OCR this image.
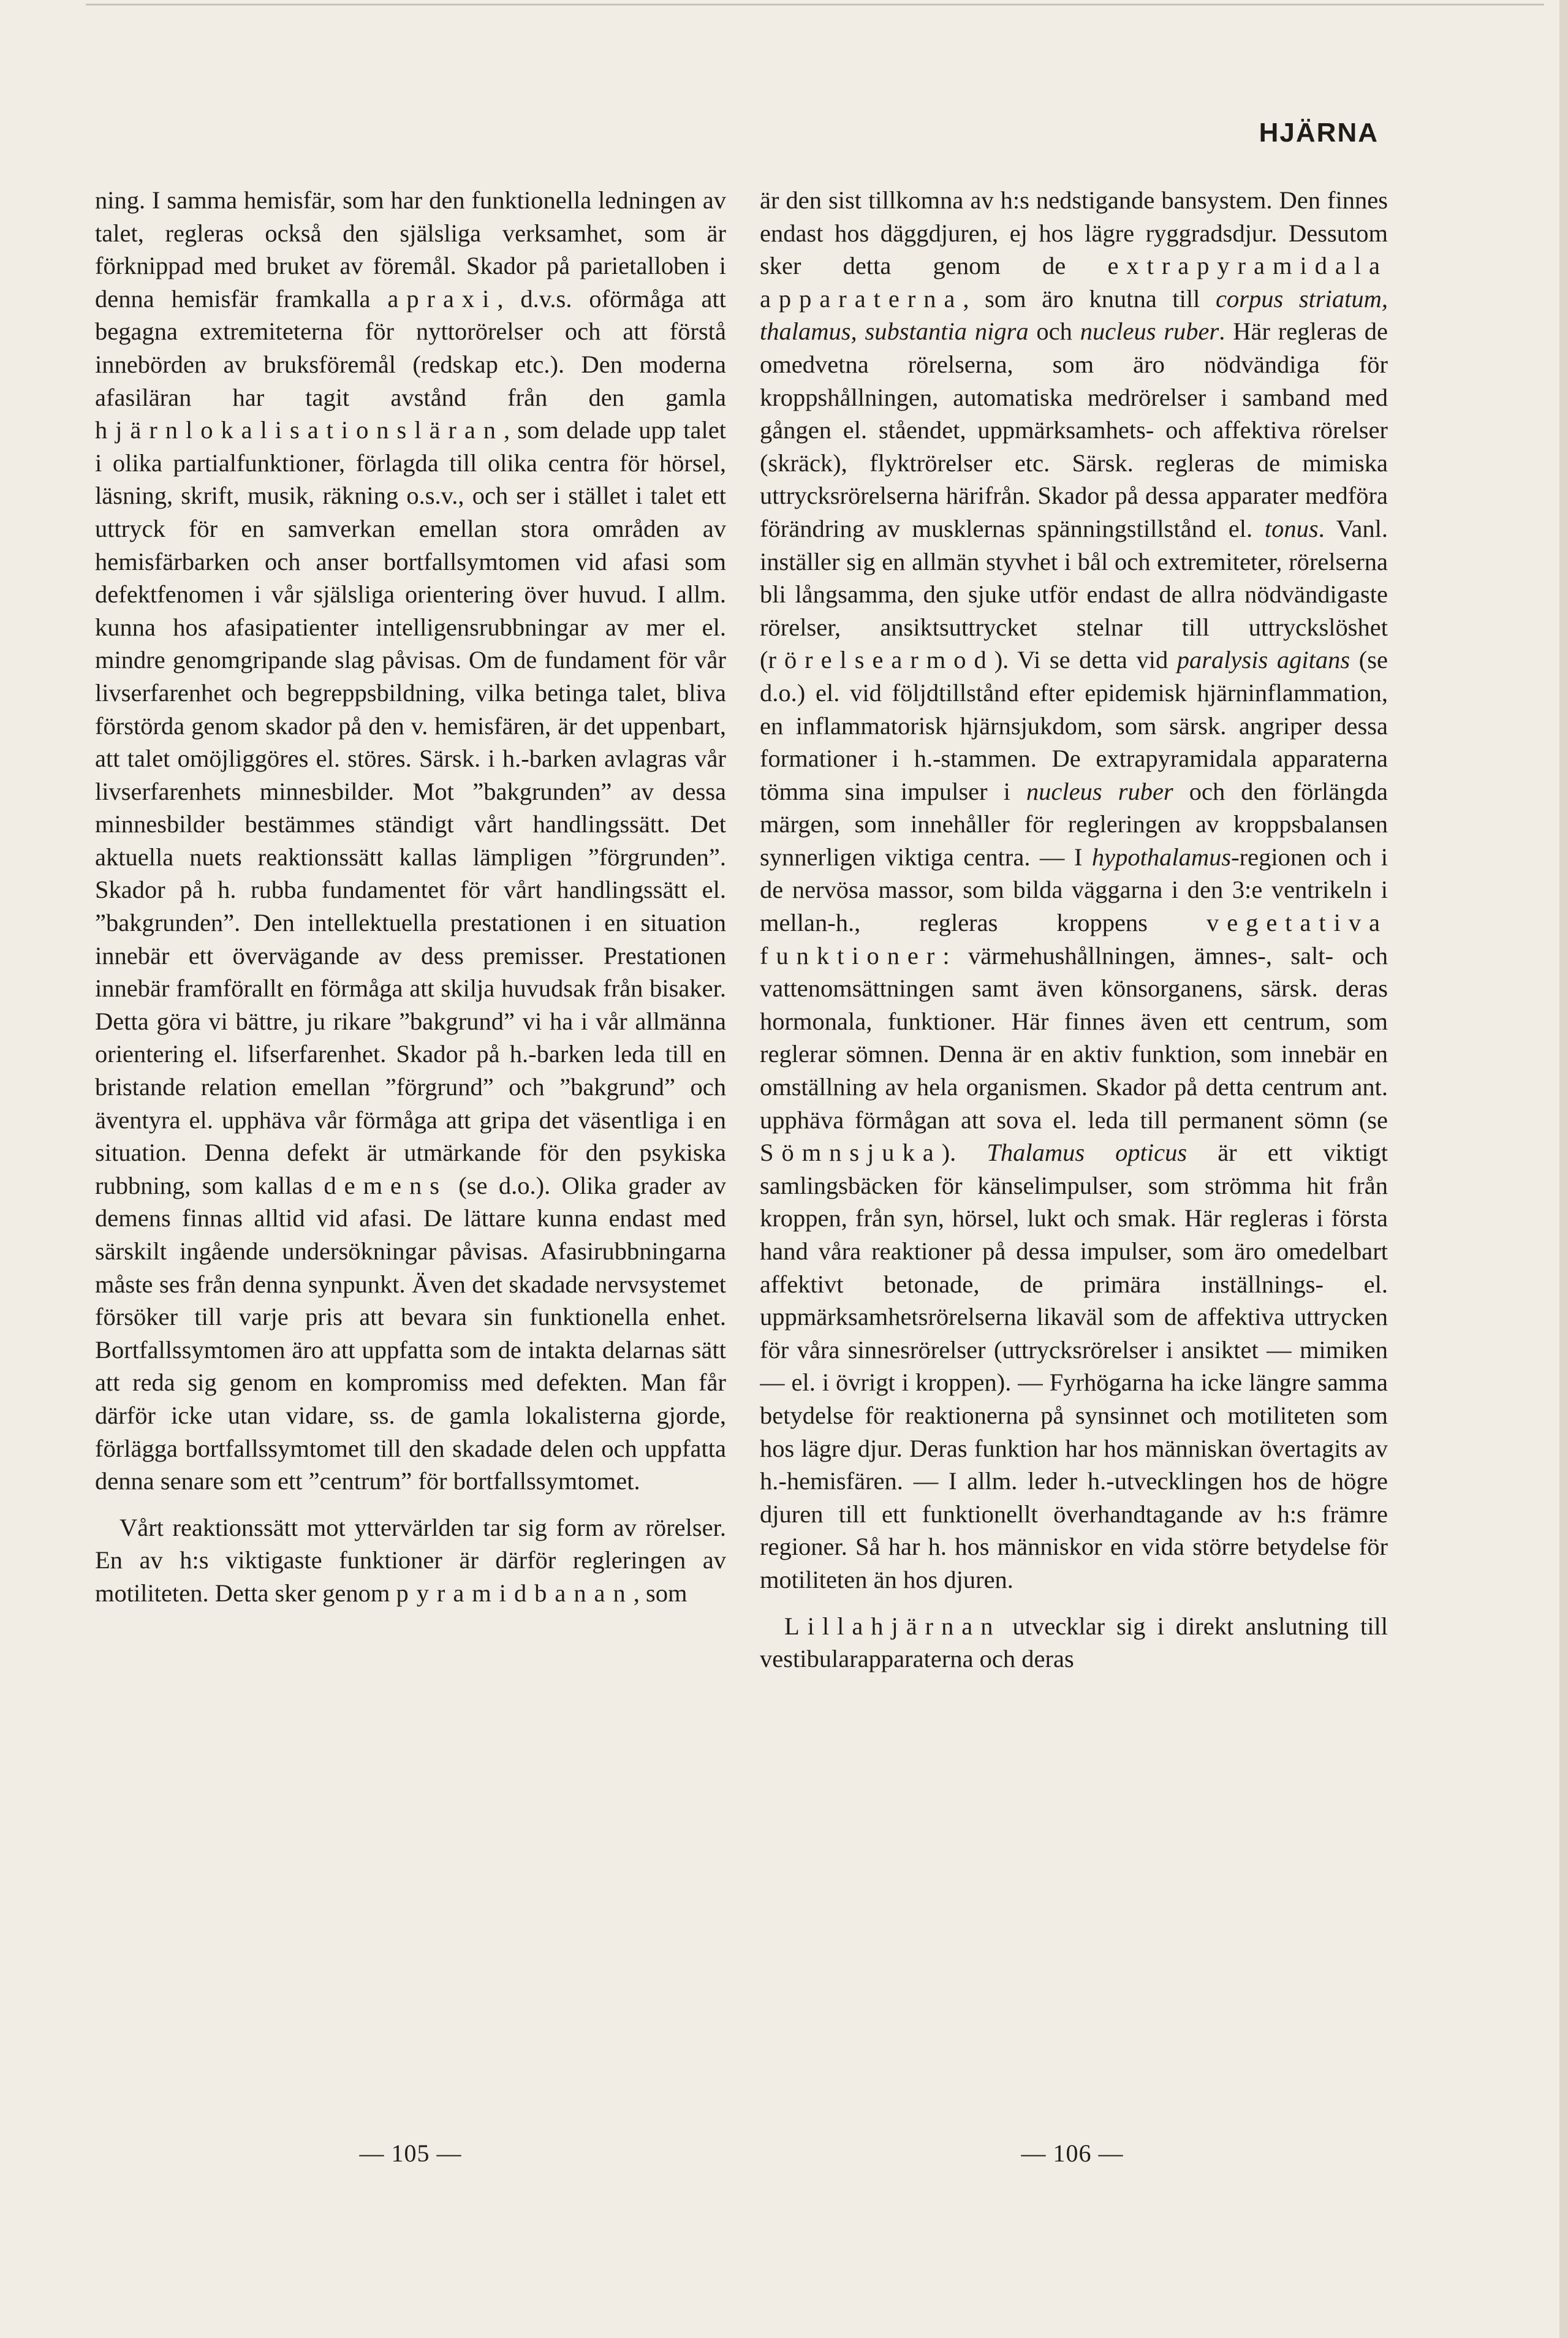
HJÄRNA

ning. I samma hemisfär, som har den funktionella ledningen av talet, regleras också den själsliga verksamhet, som är förknippad med bruket av föremål. Skador på parietalloben i denna hemisfär framkalla apraxi, d.v.s. oförmåga att begagna extremiteterna för nyttorörelser och att förstå innebörden av bruksföremål (redskap etc.). Den moderna afasiläran har tagit avstånd från den gamla hjärnlokalisationsläran, som delade upp talet i olika partialfunktioner, förlagda till olika centra för hörsel, läsning, skrift, musik, räkning o.s.v., och ser i stället i talet ett uttryck för en samverkan emellan stora områden av hemisfärbarken och anser bortfallsymtomen vid afasi som defektfenomen i vår själsliga orientering över huvud. I allm. kunna hos afasipatienter intelligensrubbningar av mer el. mindre genomgripande slag påvisas. Om de fundament för vår livserfarenhet och begreppsbildning, vilka betinga talet, bliva förstörda genom skador på den v. hemisfären, är det uppenbart, att talet omöjliggöres el. störes. Särsk. i h.-barken avlagras vår livserfarenhets minnesbilder. Mot ”bakgrunden” av dessa minnesbilder bestämmes ständigt vårt handlingssätt. Det aktuella nuets reaktionssätt kallas lämpligen ”förgrunden”. Skador på h. rubba fundamentet för vårt handlingssätt el. ”bakgrunden”. Den intellektuella prestationen i en situation innebär ett övervägande av dess premisser. Prestationen innebär framförallt en förmåga att skilja huvudsak från bisaker. Detta göra vi bättre, ju rikare ”bakgrund” vi ha i vår allmänna orientering el. lifserfarenhet. Skador på h.-barken leda till en bristande relation emellan ”förgrund” och ”bakgrund” och äventyra el. upphäva vår förmåga att gripa det väsentliga i en situation. Denna defekt är utmärkande för den psykiska rubbning, som kallas demens (se d.o.). Olika grader av demens finnas alltid vid afasi. De lättare kunna endast med särskilt ingående undersökningar påvisas. Afasirubbningarna måste ses från denna synpunkt. Även det skadade nervsystemet försöker till varje pris att bevara sin funktionella enhet. Bortfallssymtomen äro att uppfatta som de intakta delarnas sätt att reda sig genom en kompromiss med defekten. Man får därför icke utan vidare, ss. de gamla lokalisterna gjorde, förlägga bortfallssymtomet till den skadade delen och uppfatta denna senare som ett ”centrum” för bortfallssymtomet.

Vårt reaktionssätt mot yttervärlden tar sig form av rörelser. En av h:s viktigaste funktioner är därför regleringen av motiliteten. Detta sker genom pyramidbanan, som

är den sist tillkomna av h:s nedstigande bansystem. Den finnes endast hos däggdjuren, ej hos lägre ryggradsdjur. Dessutom sker detta genom de extrapyramidala apparaterna, som äro knutna till corpus striatum, thalamus, substantia nigra och nucleus ruber. Här regleras de omedvetna rörelserna, som äro nödvändiga för kroppshållningen, automatiska medrörelser i samband med gången el. ståendet, uppmärksamhets- och affektiva rörelser (skräck), flyktrörelser etc. Särsk. regleras de mimiska uttrycksrörelserna härifrån. Skador på dessa apparater medföra förändring av musklernas spänningstillstånd el. tonus. Vanl. inställer sig en allmän styvhet i bål och extremiteter, rörelserna bli långsamma, den sjuke utför endast de allra nödvändigaste rörelser, ansiktsuttrycket stelnar till uttryckslöshet (rörelsearmod). Vi se detta vid paralysis agitans (se d.o.) el. vid följdtillstånd efter epidemisk hjärninflammation, en inflammatorisk hjärnsjukdom, som särsk. angriper dessa formationer i h.-stammen. De extrapyramidala apparaterna tömma sina impulser i nucleus ruber och den förlängda märgen, som innehåller för regleringen av kroppsbalansen synnerligen viktiga centra. — I hypothalamus-regionen och i de nervösa massor, som bilda väggarna i den 3:e ventrikeln i mellan-h., regleras kroppens vegetativa funktioner: värmehushållningen, ämnes-, salt- och vattenomsättningen samt även könsorganens, särsk. deras hormonala, funktioner. Här finnes även ett centrum, som reglerar sömnen. Denna är en aktiv funktion, som innebär en omställning av hela organismen. Skador på detta centrum ant. upphäva förmågan att sova el. leda till permanent sömn (se Sömnsjuka). Thalamus opticus är ett viktigt samlingsbäcken för känselimpulser, som strömma hit från kroppen, från syn, hörsel, lukt och smak. Här regleras i första hand våra reaktioner på dessa impulser, som äro omedelbart affektivt betonade, de primära inställnings- el. uppmärksamhetsrörelserna likaväl som de affektiva uttrycken för våra sinnesrörelser (uttrycksrörelser i ansiktet — mimiken — el. i övrigt i kroppen). — Fyrhögarna ha icke längre samma betydelse för reaktionerna på synsinnet och motiliteten som hos lägre djur. Deras funktion har hos människan övertagits av h.-hemisfären. — I allm. leder h.-utvecklingen hos de högre djuren till ett funktionellt överhandtagande av h:s främre regioner. Så har h. hos människor en vida större betydelse för motiliteten än hos djuren.

Lillahjärnan utvecklar sig i direkt anslutning till vestibularapparaterna och deras

— 105 —	— 106 —
